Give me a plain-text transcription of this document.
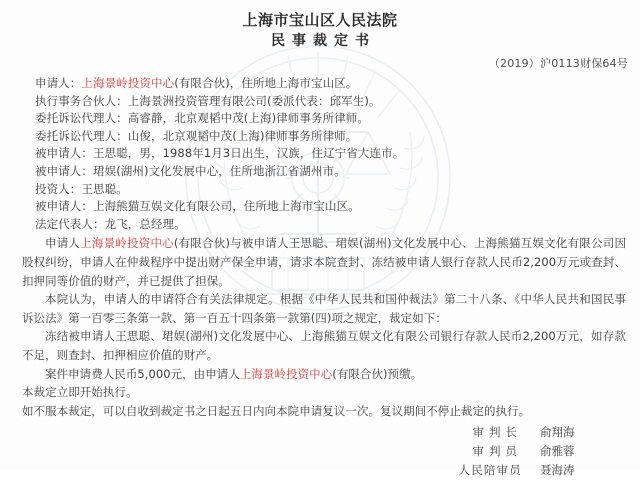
上海市宝山区人民法院
民事裁定书
（2019）沪0113财保64号
申请人：上海景岭投资中心(有限合伙)，住所地上海市宝山区。
执行事务合伙人：上海景洲投资管理有限公司(委派代表：邱军生)。
委托诉讼代理人：高睿静，北京观韬中茂(上海)律师事务所律师。
委托诉讼代理人：山俊，北京观韬中茂(上海)律师事务所律师。
被申请人：王思聪，男，1988年1月3日出生，汉族，住辽宁省大连市。
被申请人：珺娱(湖州)文化发展中心，住所地浙江省湖州市。
投资人：王思聪。
被申请人：上海熊猫互娱文化有限公司，住所地上海市宝山区。
法定代表人：龙飞，总经理。
申请人上海景岭投资中心(有限合伙)与被申请人王思聪、珺娱(湖州)文化发展中心、上海熊猫互娱文化有限公司因股权纠纷，申请人在仲裁程序中提出财产保全申请，请求本院查封、冻结被申请人银行存款人民币2,200万元或查封、扣押同等价值的财产，并已提供了担保。
本院认为，申请人的申请符合有关法律规定。根据《中华人民共和国仲裁法》第二十八条、《中华人民共和国民事诉讼法》第一百零三条第一款、第一百五十四条第一款第(四)项之规定，裁定如下：
冻结被申请人王思聪、珺娱(湖州)文化发展中心、上海熊猫互娱文化有限公司银行存款人民币2,200万元，如存款不足，则查封、扣押相应价值的财产。
案件申请费人民币5,000元，由申请人上海景岭投资中心(有限合伙)预缴。
本裁定立即开始执行。
如不服本裁定，可以自收到裁定书之日起五日内向本院申请复议一次。复议期间不停止裁定的执行。
审判长 俞翔海
审判员 俞雅蓉
人民陪审员 聂海涛
